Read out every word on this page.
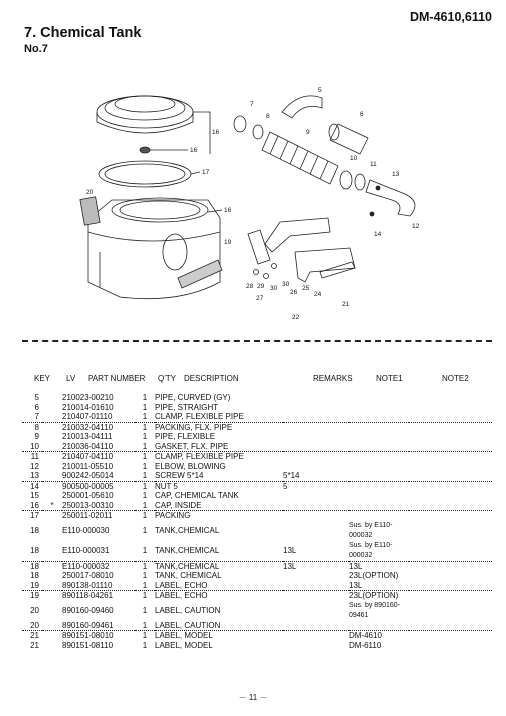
DM-4610,6110
7. Chemical Tank
No.7
16
16
17
16
20
19
5
6
7
8
9
10
11
13
12
14
28 29 30
30
27
26
25
24
21
22
KEY LV PART NUMBER Q'TY DESCRIPTION	REMARKS	NOTE1	NOTE2
5		210023-00210	1	PIPE, CURVED (GY)			
6		210014-01610	1	PIPE, STRAIGHT			
7		210407-01110	1	CLAMP, FLEXIBLE PIPE			
8		210032-04110	1	PACKING, FLX. PIPE			
9		210013-04111	1	PIPE, FLEXIBLE			
10		210036-04110	1	GASKET, FLX. PIPE			
11		210407-04110	1	CLAMP, FLEXIBLE PIPE			
12		210011-05510	1	ELBOW, BLOWING			
13		900242-05014	1	SCREW 5*14	5*14		
14		900500-00005	1	NUT 5	5		
15		250001-05610	1	CAP, CHEMICAL TANK			
16	*	250013-00310	1	CAP, INSIDE			
17		250011-02011	1	PACKING			
18		E110-000030	1	TANK,CHEMICAL		Sus. by E110-000032	
18		E110-000031	1	TANK,CHEMICAL	13L	Sus. by E110-000032	
18		E110-000032	1	TANK,CHEMICAL	13L	13L	
18		250017-08010	1	TANK, CHEMICAL		23L(OPTION)	
19		890138-01110	1	LABEL, ECHO		13L	
19		890118-04261	1	LABEL, ECHO		23L(OPTION)	
20		890160-09460	1	LABEL, CAUTION		Sus. by 890160-09461	
20		890160-09461	1	LABEL, CAUTION			
21		890151-08010	1	LABEL, MODEL		DM-4610	
21		890151-08110	1	LABEL, MODEL		DM-6110	
－ 11 －
